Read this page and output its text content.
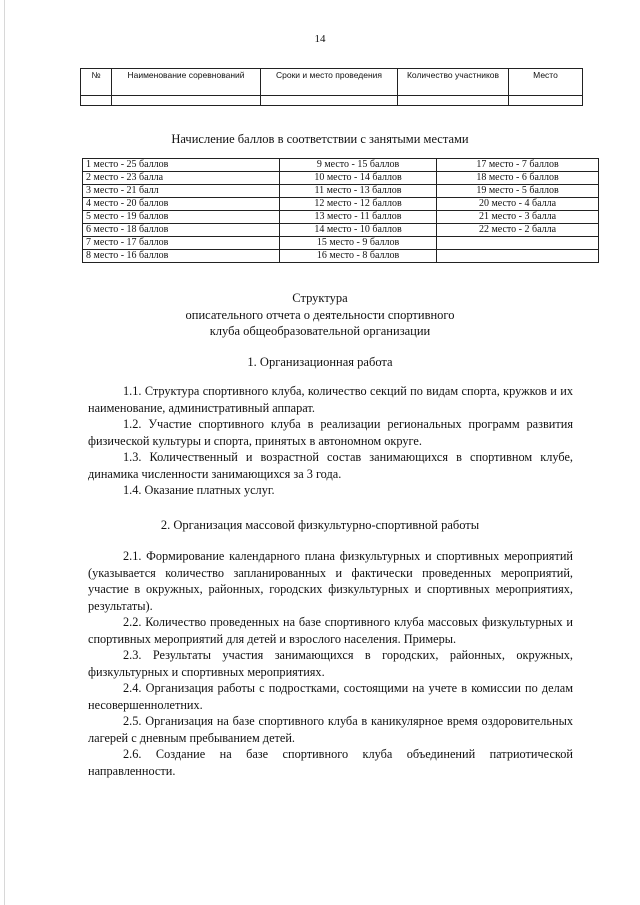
14
№	Наименование соревнований	Сроки и место проведения	Количество участников	Место

Начисление баллов в соответствии с занятыми местами
1 место - 25 баллов	9 место - 15 баллов	17 место - 7 баллов
2 место - 23 балла	10 место - 14 баллов	18 место - 6 баллов
3 место - 21 балл	11 место - 13 баллов	19 место - 5 баллов
4 место - 20 баллов	12 место - 12 баллов	20 место - 4 балла
5 место - 19 баллов	13 место - 11 баллов	21 место - 3 балла
6 место - 18 баллов	14 место - 10 баллов	22 место - 2 балла
7 место - 17 баллов	15 место - 9 баллов	
8 место - 16 баллов	16 место - 8 баллов	
Структура
описательного отчета о деятельности спортивного
клуба общеобразовательной организации
1. Организационная работа

1.1. Структура спортивного клуба, количество секций по видам спорта, кружков и их наименование, административный аппарат.

1.2. Участие спортивного клуба в реализации региональных программ развития физической культуры и спорта, принятых в автономном округе.

1.3. Количественный и возрастной состав занимающихся в спортивном клубе, динамика численности занимающихся за 3 года.

1.4. Оказание платных услуг.

2. Организация массовой физкультурно-спортивной работы

2.1. Формирование календарного плана физкультурных и спортивных мероприятий (указывается количество запланированных и фактически проведенных мероприятий, участие в окружных, районных, городских физкультурных и спортивных мероприятиях, результаты).

2.2. Количество проведенных на базе спортивного клуба массовых физкультурных и спортивных мероприятий для детей и взрослого населения. Примеры.

2.3. Результаты участия занимающихся в городских, районных, окружных, физкультурных и спортивных мероприятиях.

2.4. Организация работы с подростками, состоящими на учете в комиссии по делам несовершеннолетних.

2.5. Организация на базе спортивного клуба в каникулярное время оздоровительных лагерей с дневным пребыванием детей.

2.6. Создание на базе спортивного клуба объединений патриотической направленности.
